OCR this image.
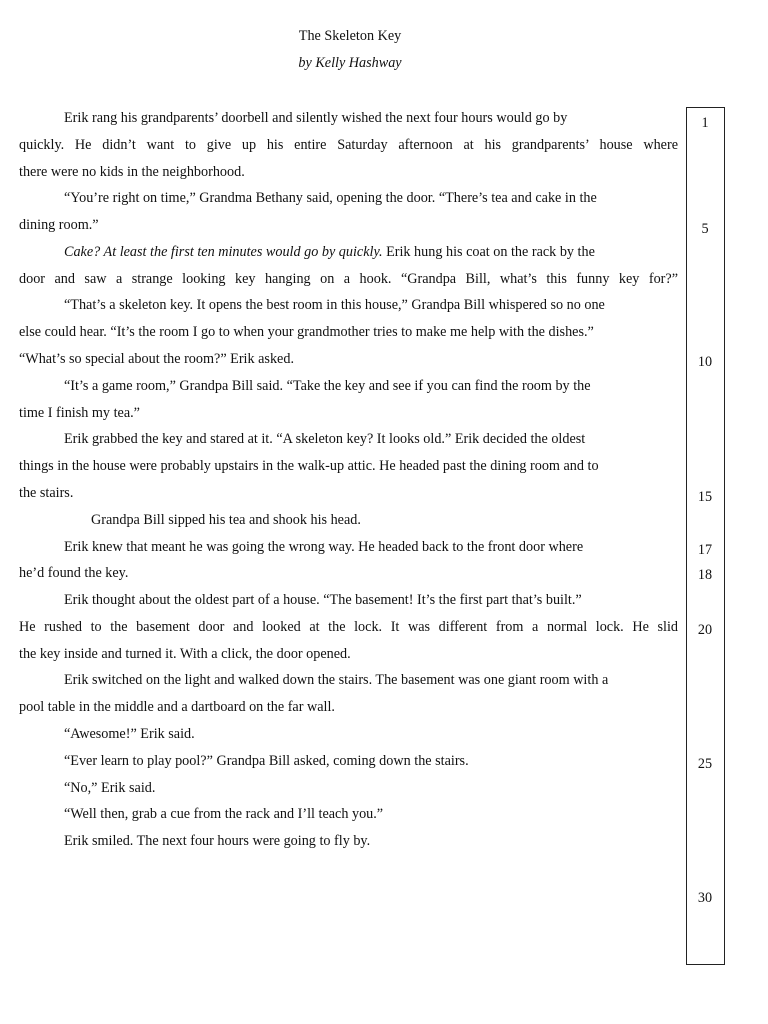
The Skeleton Key
by Kelly Hashway
Erik rang his grandparents’ doorbell and silently wished the next four hours would go by
quickly. He didn’t want to give up his entire Saturday afternoon at his grandparents’ house where
there were no kids in the neighborhood.
“You’re right on time,” Grandma Bethany said, opening the door. “There’s tea and cake in the
dining room.”
Cake? At least the first ten minutes would go by quickly. Erik hung his coat on the rack by the
door and saw a strange looking key hanging on a hook. “Grandpa Bill, what’s this funny key for?”
“That’s a skeleton key. It opens the best room in this house,” Grandpa Bill whispered so no one
else could hear. “It’s the room I go to when your grandmother tries to make me help with the dishes.”
“What’s so special about the room?” Erik asked.
“It’s a game room,” Grandpa Bill said. “Take the key and see if you can find the room by the
time I finish my tea.”
Erik grabbed the key and stared at it. “A skeleton key? It looks old.” Erik decided the oldest
things in the house were probably upstairs in the walk-up attic. He headed past the dining room and to
the stairs.
Grandpa Bill sipped his tea and shook his head.
Erik knew that meant he was going the wrong way. He headed back to the front door where
he’d found the key.
Erik thought about the oldest part of a house. “The basement! It’s the first part that’s built.”
He rushed to the basement door and looked at the lock. It was different from a normal lock. He slid
the key inside and turned it. With a click, the door opened.
Erik switched on the light and walked down the stairs. The basement was one giant room with a
pool table in the middle and a dartboard on the far wall.
“Awesome!” Erik said.
“Ever learn to play pool?” Grandpa Bill asked, coming down the stairs.
“No,” Erik said.
“Well then, grab a cue from the rack and I’ll teach you.”
Erik smiled. The next four hours were going to fly by.
1
5
10
15
17
18
20
25
30
